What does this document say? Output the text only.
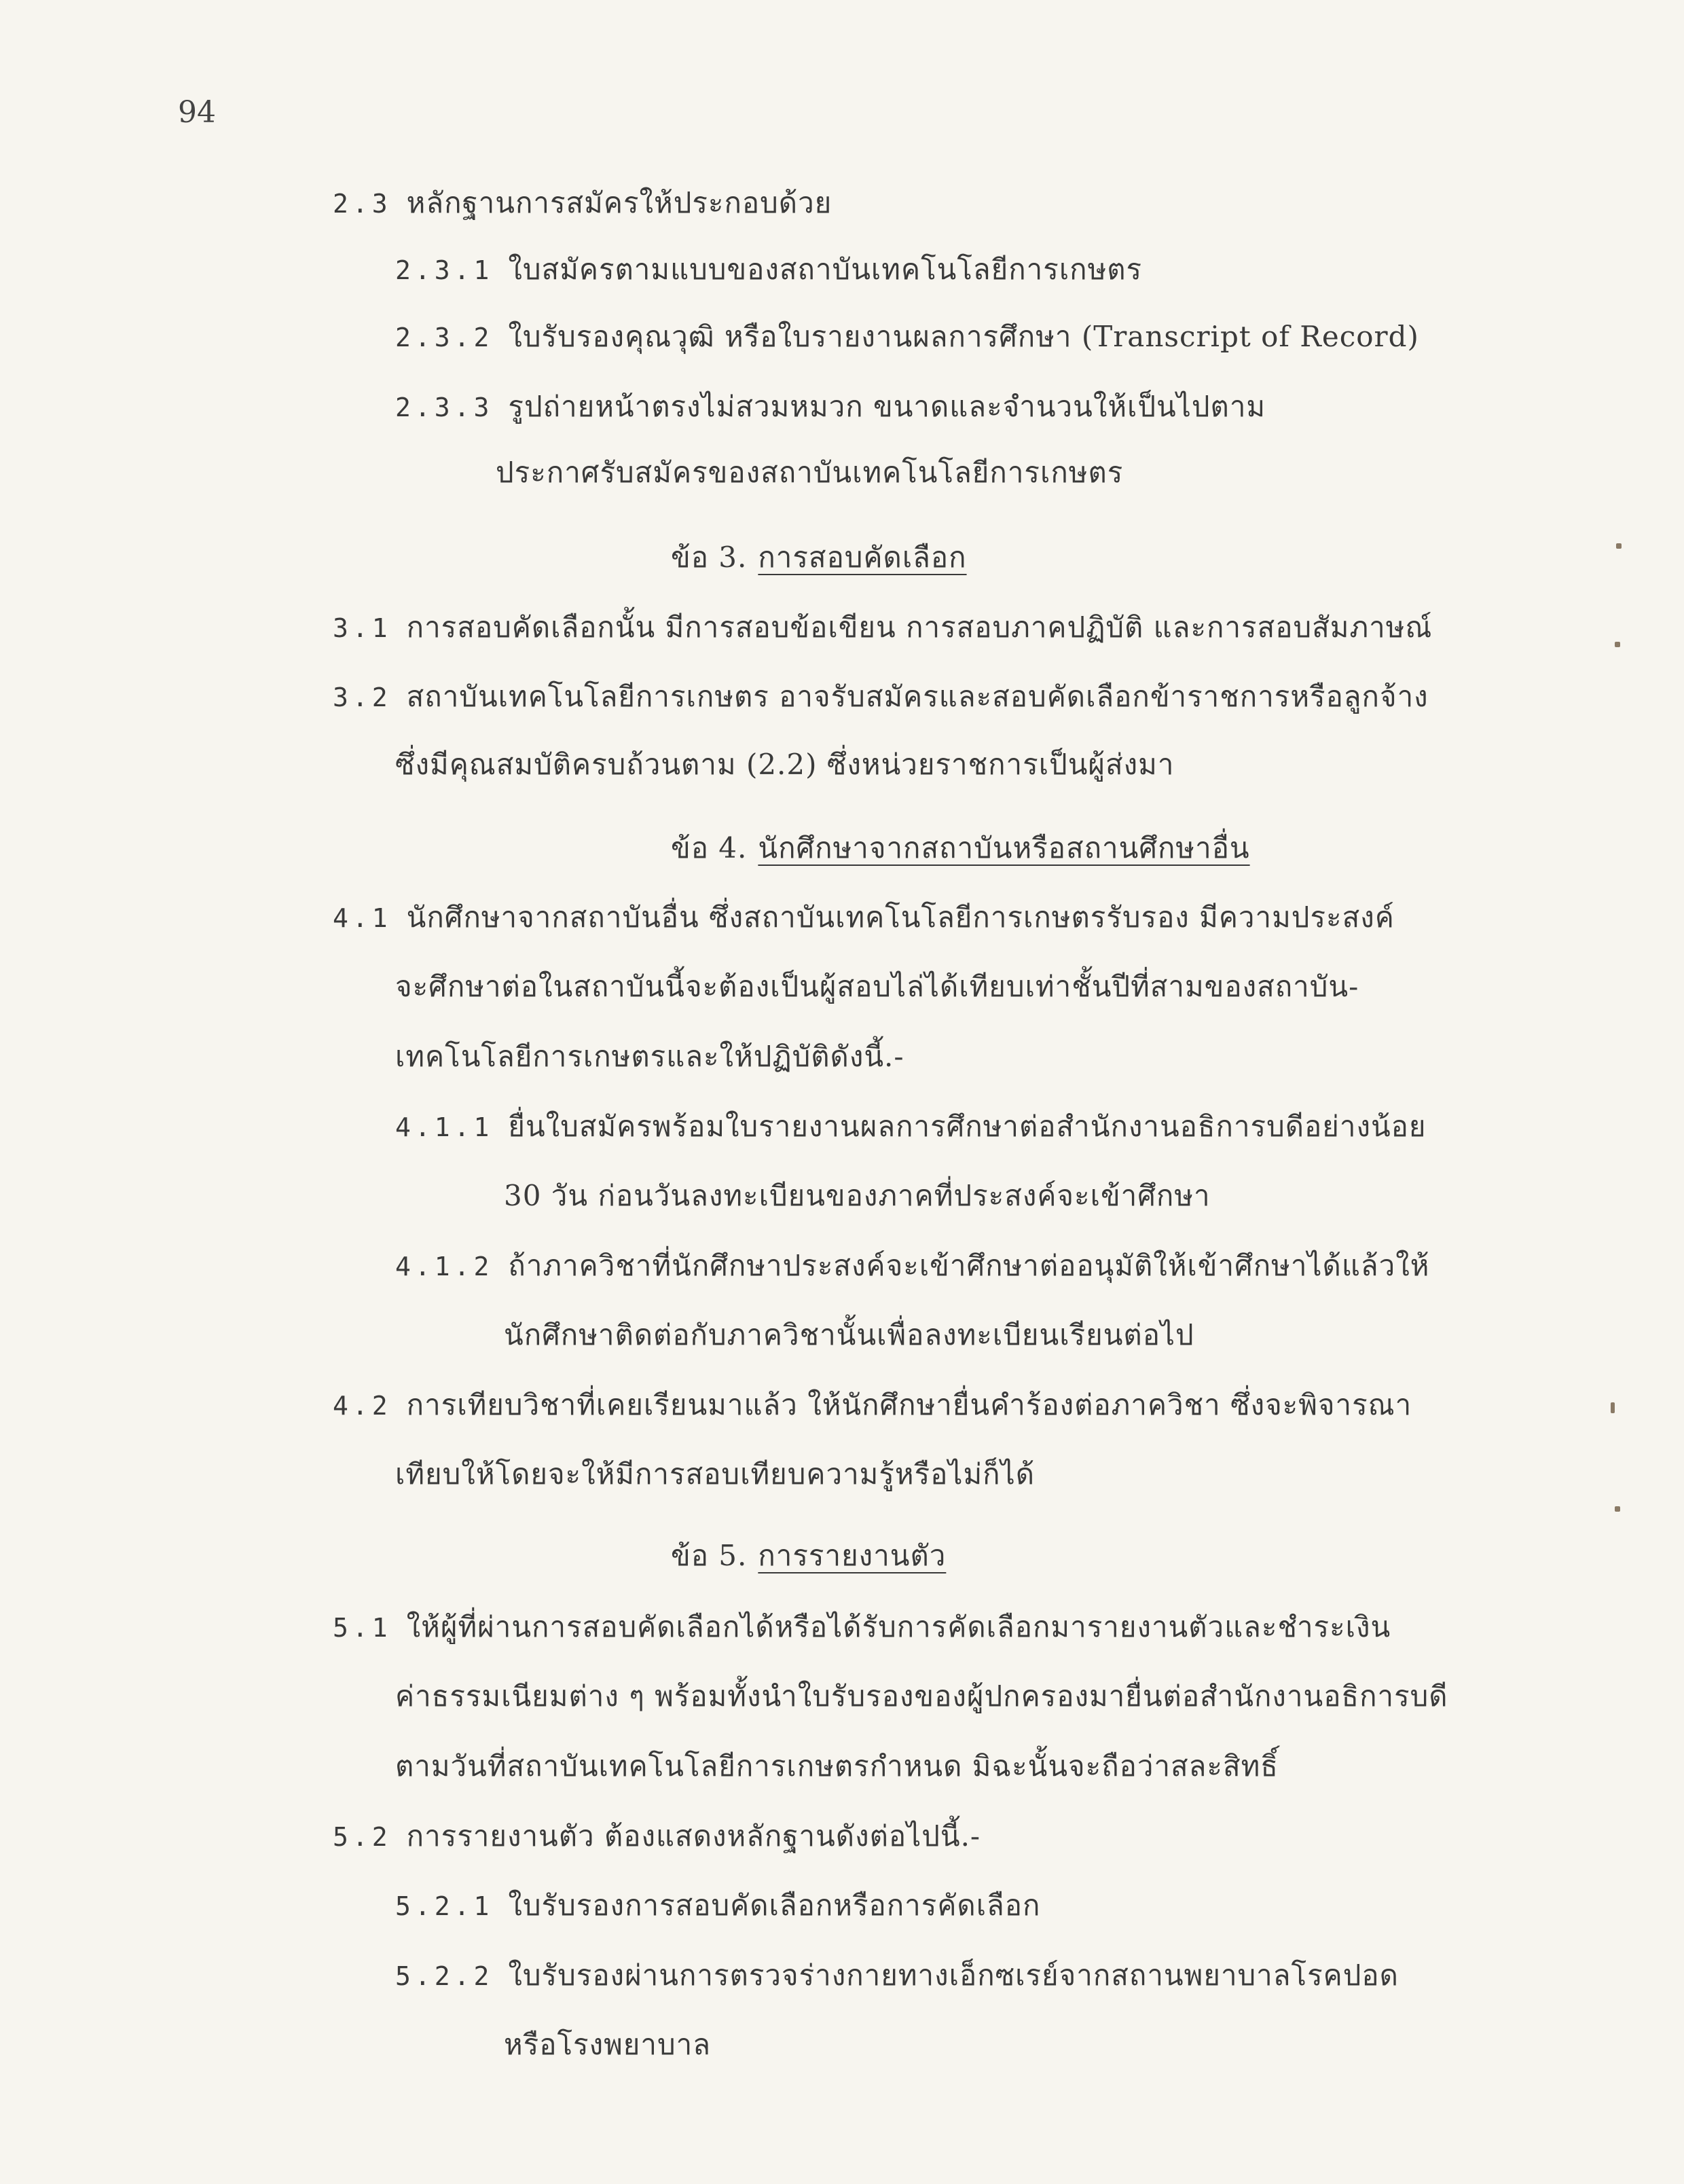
94
2.3 หลักฐานการสมัครให้ประกอบด้วย
2.3.1 ใบสมัครตามแบบของสถาบันเทคโนโลยีการเกษตร
2.3.2 ใบรับรองคุณวุฒิ หรือใบรายงานผลการศึกษา (Transcript of Record)
2.3.3 รูปถ่ายหน้าตรงไม่สวมหมวก ขนาดและจำนวนให้เป็นไปตาม
ประกาศรับสมัครของสถาบันเทคโนโลยีการเกษตร
ข้อ 3. การสอบคัดเลือก
3.1 การสอบคัดเลือกนั้น มีการสอบข้อเขียน การสอบภาคปฏิบัติ และการสอบสัมภาษณ์
3.2 สถาบันเทคโนโลยีการเกษตร อาจรับสมัครและสอบคัดเลือกข้าราชการหรือลูกจ้าง
ซึ่งมีคุณสมบัติครบถ้วนตาม (2.2) ซึ่งหน่วยราชการเป็นผู้ส่งมา
ข้อ 4. นักศึกษาจากสถาบันหรือสถานศึกษาอื่น
4.1 นักศึกษาจากสถาบันอื่น ซึ่งสถาบันเทคโนโลยีการเกษตรรับรอง มีความประสงค์
จะศึกษาต่อในสถาบันนี้จะต้องเป็นผู้สอบไล่ได้เทียบเท่าชั้นปีที่สามของสถาบัน-
เทคโนโลยีการเกษตรและให้ปฏิบัติดังนี้.-
4.1.1 ยื่นใบสมัครพร้อมใบรายงานผลการศึกษาต่อสำนักงานอธิการบดีอย่างน้อย
30 วัน ก่อนวันลงทะเบียนของภาคที่ประสงค์จะเข้าศึกษา
4.1.2 ถ้าภาควิชาที่นักศึกษาประสงค์จะเข้าศึกษาต่ออนุมัติให้เข้าศึกษาได้แล้วให้
นักศึกษาติดต่อกับภาควิชานั้นเพื่อลงทะเบียนเรียนต่อไป
4.2 การเทียบวิชาที่เคยเรียนมาแล้ว ให้นักศึกษายื่นคำร้องต่อภาควิชา ซึ่งจะพิจารณา
เทียบให้โดยจะให้มีการสอบเทียบความรู้หรือไม่ก็ได้
ข้อ 5. การรายงานตัว
5.1 ให้ผู้ที่ผ่านการสอบคัดเลือกได้หรือได้รับการคัดเลือกมารายงานตัวและชำระเงิน
ค่าธรรมเนียมต่าง ๆ พร้อมทั้งนำใบรับรองของผู้ปกครองมายื่นต่อสำนักงานอธิการบดี
ตามวันที่สถาบันเทคโนโลยีการเกษตรกำหนด มิฉะนั้นจะถือว่าสละสิทธิ์
5.2 การรายงานตัว ต้องแสดงหลักฐานดังต่อไปนี้.-
5.2.1 ใบรับรองการสอบคัดเลือกหรือการคัดเลือก
5.2.2 ใบรับรองผ่านการตรวจร่างกายทางเอ็กซเรย์จากสถานพยาบาลโรคปอด
หรือโรงพยาบาล
